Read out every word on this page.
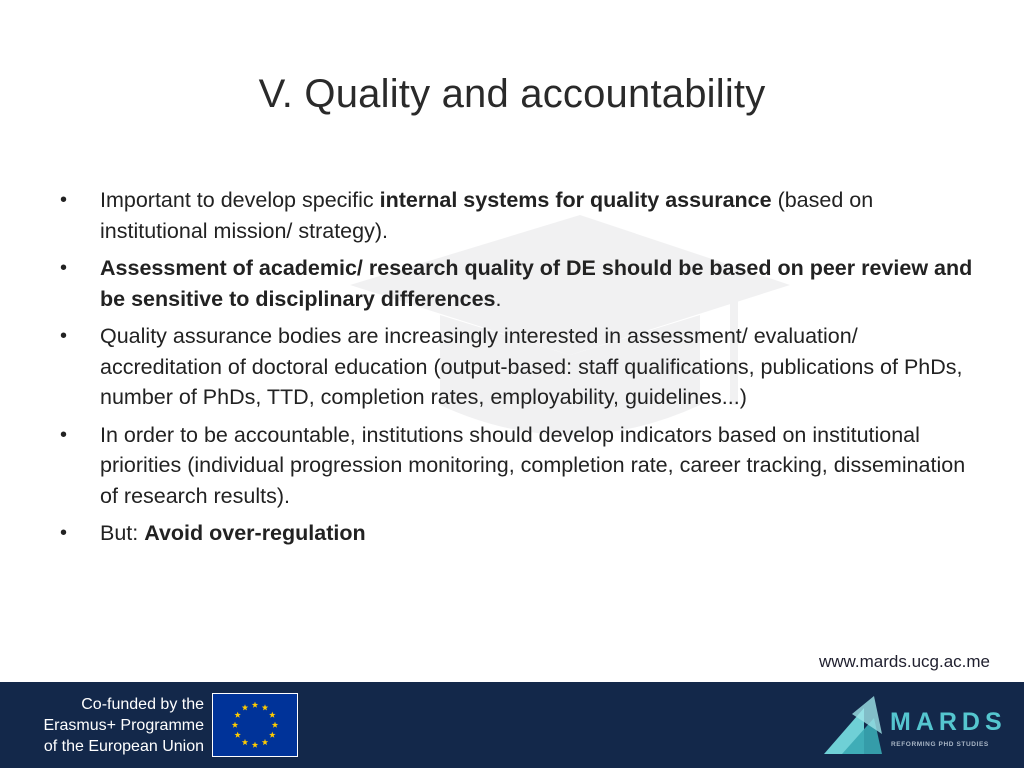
V. Quality and accountability
• Important to develop specific internal systems for quality assurance (based on institutional mission/ strategy).
• Assessment of academic/ research quality of DE should be based on peer review and be sensitive to disciplinary differences.
• Quality assurance bodies are increasingly interested in assessment/ evaluation/ accreditation of doctoral education (output-based: staff qualifications, publications of PhDs, number of PhDs, TTD, completion rates, employability, guidelines...)
• In order to be accountable, institutions should develop indicators based on institutional priorities (individual progression monitoring, completion rate, career tracking, dissemination of research results).
• But: Avoid over-regulation
www.mards.ucg.ac.me
Co-funded by the
Erasmus+ Programme
of the European Union
MARDS
REFORMING PHD STUDIES
